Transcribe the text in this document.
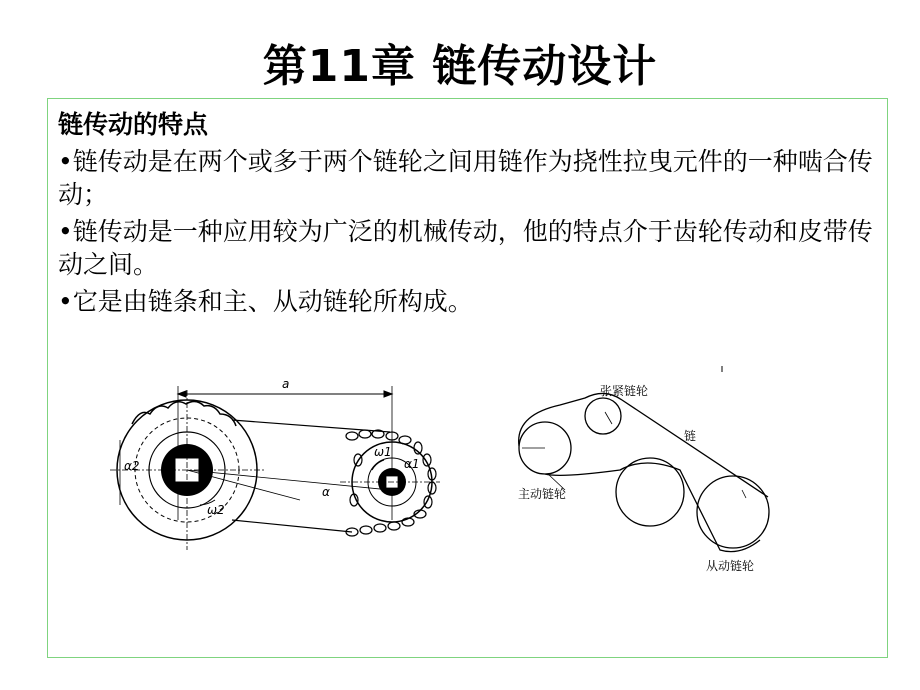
第11章 链传动设计
链传动的特点
•链传动是在两个或多于两个链轮之间用链作为挠性拉曳元件的一种啮合传动；
•链传动是一种应用较为广泛的机械传动，他的特点介于齿轮传动和皮带传动之间。
•它是由链条和主、从动链轮所构成。
a
α2	α1
ω2
ω1
α
张紧链轮
链
主动链轮
从动链轮
